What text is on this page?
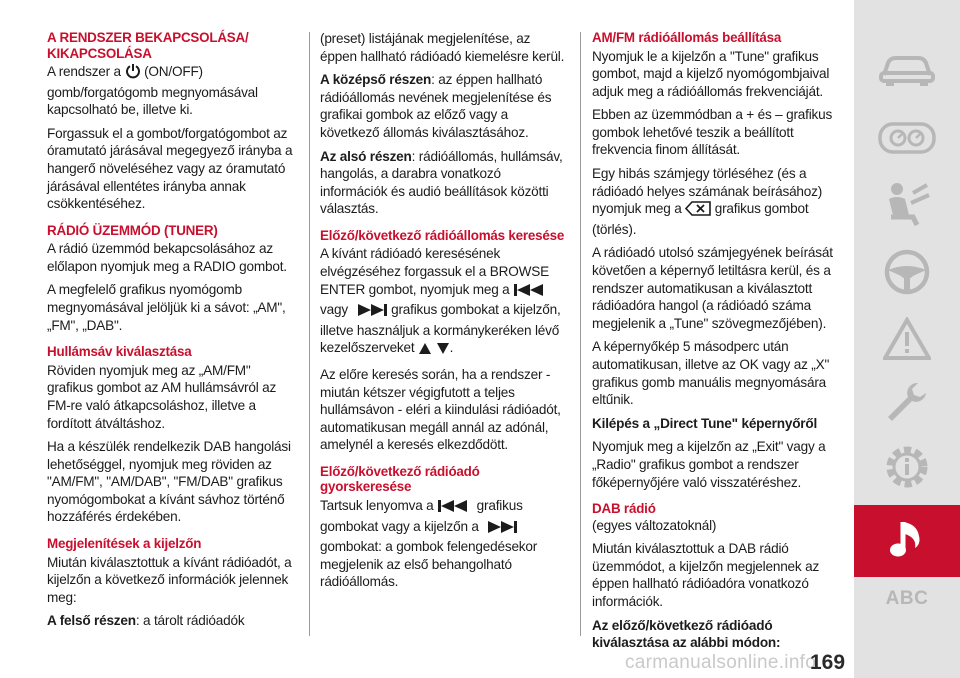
A RENDSZER BEKAPCSOLÁSA/ KIKAPCSOLÁSA

A rendszer a (ON/OFF) gomb/forgatógomb megnyomásával kapcsolható be, illetve ki.

Forgassuk el a gombot/forgatógombot az óramutató járásával megegyező irányba a hangerő növeléséhez vagy az óramutató járásával ellentétes irányba annak csökkentéséhez.

RÁDIÓ ÜZEMMÓD (TUNER)

A rádió üzemmód bekapcsolásához az előlapon nyomjuk meg a RADIO gombot.

A megfelelő grafikus nyomógomb megnyomásával jelöljük ki a sávot: „AM", „FM", „DAB".

Hullámsáv kiválasztása

Röviden nyomjuk meg az „AM/FM" grafikus gombot az AM hullámsávról az FM-re való átkapcsoláshoz, illetve a fordított átváltáshoz.

Ha a készülék rendelkezik DAB hangolási lehetőséggel, nyomjuk meg röviden az "AM/FM", "AM/DAB", "FM/DAB" grafikus nyomógombokat a kívánt sávhoz történő hozzáférés érdekében.

Megjelenítések a kijelzőn

Miután kiválasztottuk a kívánt rádióadót, a kijelzőn a következő információk jelennek meg:

A felső részen: a tárolt rádióadók

(preset) listájának megjelenítése, az éppen hallható rádióadó kiemelésre kerül.

A középső részen: az éppen hallható rádióállomás nevének megjelenítése és grafikai gombok az előző vagy a következő állomás kiválasztásához.

Az alsó részen: rádióállomás, hullámsáv, hangolás, a darabra vonatkozó információk és audió beállítások közötti választás.

Előző/következő rádióállomás keresése

A kívánt rádióadó keresésének elvégzéséhez forgassuk el a BROWSE ENTER gombot, nyomjuk meg a  vagy	grafikus gombokat a kijelzőn, illetve használjuk a kormánykeréken lévő kezelőszerveket	.

Az előre keresés során, ha a rendszer - miután kétszer végigfutott a teljes hullámsávon - eléri a kiindulási rádióadót, automatikusan megáll annál az adónál, amelynél a keresés elkezdődött.

Előző/következő rádióadó gyorskeresése

Tartsuk lenyomva a	grafikus gombokat vagy a kijelzőn a  gombokat: a gombok felengedésekor megjelenik az első behangolható rádióállomás.

AM/FM rádióállomás beállítása

Nyomjuk le a kijelzőn a "Tune" grafikus gombot, majd a kijelző nyomógombjaival adjuk meg a rádióállomás frekvenciáját.

Ebben az üzemmódban a + és – grafikus gombok lehetővé teszik a beállított frekvencia finom állítását.

Egy hibás számjegy törléséhez (és a rádióadó helyes számának beírásához) nyomjuk meg a grafikus gombot (törlés).

A rádióadó utolsó számjegyének beírását követően a képernyő letiltásra kerül, és a rendszer automatikusan a kiválasztott rádióadóra hangol (a rádióadó száma megjelenik a „Tune" szövegmezőjében).

A képernyőkép 5 másodperc után automatikusan, illetve az OK vagy az „X" grafikus gomb manuális megnyomására eltűnik.

Kilépés a „Direct Tune" képernyőről

Nyomjuk meg a kijelzőn az „Exit" vagy a „Radio" grafikus gombot a rendszer főképernyőjére való visszatéréshez.

DAB rádió

(egyes változatoknál)

Miután kiválasztottuk a DAB rádió üzemmódot, a kijelzőn megjelennek az éppen hallható rádióadóra vonatkozó információk.

Az előző/következő rádióadó kiválasztása az alábbi módon:

ABC
carmanualsonline.info
169
